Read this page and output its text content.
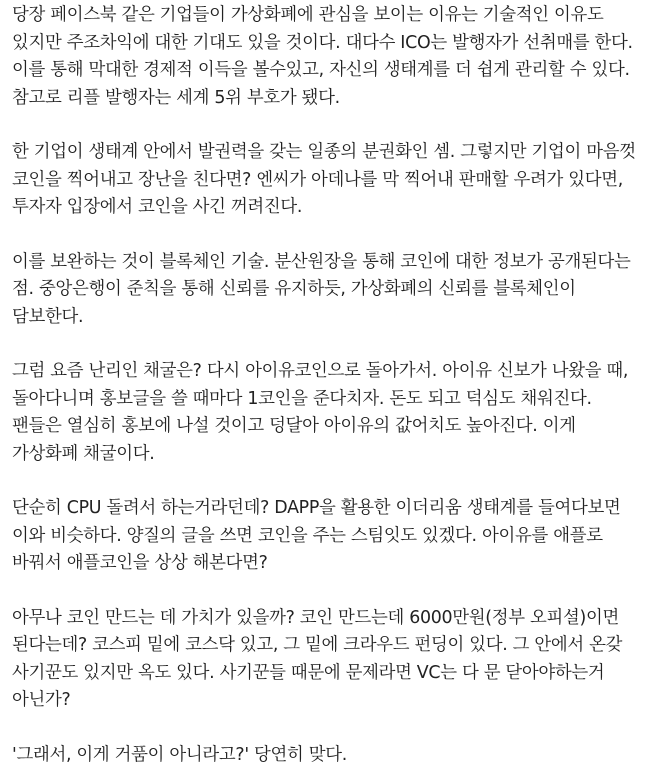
당장 페이스북 같은 기업들이 가상화폐에 관심을 보이는 이유는 기술적인 이유도 있지만 주조차익에 대한 기대도 있을 것이다. 대다수 ICO는 발행자가 선취매를 한다. 이를 통해 막대한 경제적 이득을 볼수있고, 자신의 생태계를 더 쉽게 관리할 수 있다. 참고로 리플 발행자는 세계 5위 부호가 됐다.

한 기업이 생태계 안에서 발권력을 갖는 일종의 분권화인 셈. 그렇지만 기업이 마음껏 코인을 찍어내고 장난을 친다면? 엔씨가 아데나를 막 찍어내 판매할 우려가 있다면, 투자자 입장에서 코인을 사긴 꺼려진다.

이를 보완하는 것이 블록체인 기술. 분산원장을 통해 코인에 대한 정보가 공개된다는 점. 중앙은행이 준칙을 통해 신뢰를 유지하듯, 가상화폐의 신뢰를 블록체인이 담보한다.

그럼 요즘 난리인 채굴은? 다시 아이유코인으로 돌아가서. 아이유 신보가 나왔을 때, 돌아다니며 홍보글을 쓸 때마다 1코인을 준다치자. 돈도 되고 덕심도 채워진다. 팬들은 열심히 홍보에 나설 것이고 덩달아 아이유의 값어치도 높아진다. 이게 가상화폐 채굴이다.

단순히 CPU 돌려서 하는거라던데? DAPP을 활용한 이더리움 생태계를 들여다보면 이와 비슷하다. 양질의 글을 쓰면 코인을 주는 스팀잇도 있겠다. 아이유를 애플로 바꿔서 애플코인을 상상 해본다면?

아무나 코인 만드는 데 가치가 있을까? 코인 만드는데 6000만원(정부 오피셜)이면 된다는데? 코스피 밑에 코스닥 있고, 그 밑에 크라우드 펀딩이 있다. 그 안에서 온갖 사기꾼도 있지만 옥도 있다. 사기꾼들 때문에 문제라면 VC는 다 문 닫아야하는거 아닌가?

'그래서, 이게 거품이 아니라고?' 당연히 맞다.
